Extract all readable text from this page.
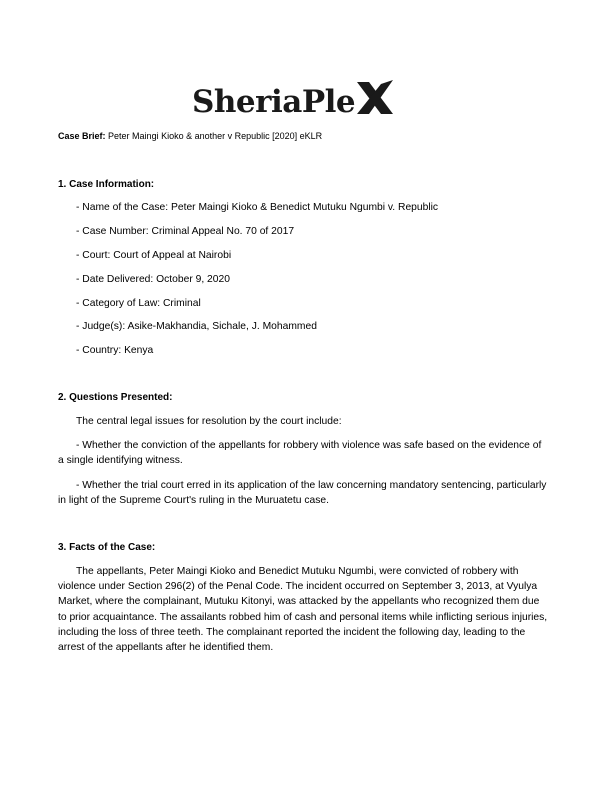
SheriaPle
Case Brief: Peter Maingi Kioko & another v Republic [2020] eKLR
1. Case Information:
- Name of the Case: Peter Maingi Kioko & Benedict Mutuku Ngumbi v. Republic
- Case Number: Criminal Appeal No. 70 of 2017
- Court: Court of Appeal at Nairobi
- Date Delivered: October 9, 2020
- Category of Law: Criminal
- Judge(s): Asike-Makhandia, Sichale, J. Mohammed
- Country: Kenya
2. Questions Presented:
The central legal issues for resolution by the court include:
- Whether the conviction of the appellants for robbery with violence was safe based on the evidence of a single identifying witness.
- Whether the trial court erred in its application of the law concerning mandatory sentencing, particularly in light of the Supreme Court's ruling in the Muruatetu case.
3. Facts of the Case:
The appellants, Peter Maingi Kioko and Benedict Mutuku Ngumbi, were convicted of robbery with violence under Section 296(2) of the Penal Code. The incident occurred on September 3, 2013, at Vyulya Market, where the complainant, Mutuku Kitonyi, was attacked by the appellants who recognized them due to prior acquaintance. The assailants robbed him of cash and personal items while inflicting serious injuries, including the loss of three teeth. The complainant reported the incident the following day, leading to the arrest of the appellants after he identified them.
